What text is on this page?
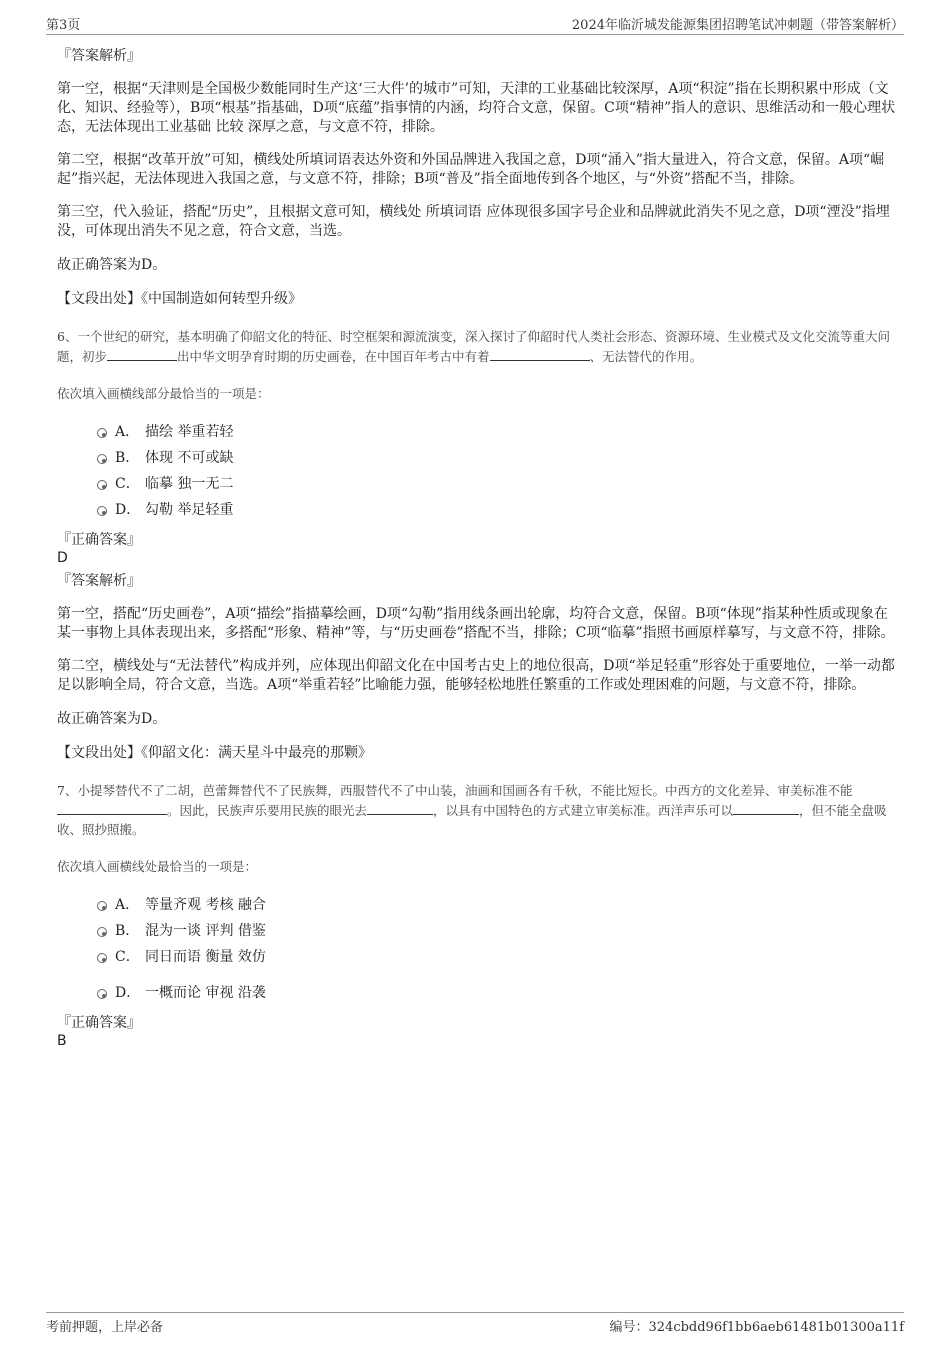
第3页	2024年临沂城发能源集团招聘笔试冲刺题（带答案解析）
『答案解析』
第一空，根据“天津则是全国极少数能同时生产这‘三大件’的城市”可知，天津的工业基础比较深厚，A项“积淀”指在长期积累中形成（文化、知识、经验等），B项“根基”指基础，D项“底蕴”指事情的内涵，均符合文意，保留。C项“精神”指人的意识、思维活动和一般心理状态，无法体现出工业基础 比较 深厚之意，与文意不符，排除。
第二空，根据“改革开放”可知，横线处所填词语表达外资和外国品牌进入我国之意，D项“涌入”指大量进入，符合文意，保留。A项“崛起”指兴起，无法体现进入我国之意，与文意不符，排除；B项“普及”指全面地传到各个地区，与“外资”搭配不当，排除。
第三空，代入验证，搭配“历史”，且根据文意可知，横线处 所填词语 应体现很多国字号企业和品牌就此消失不见之意，D项“湮没”指埋没，可体现出消失不见之意，符合文意，当选。
故正确答案为D。
【文段出处】《中国制造如何转型升级》
6、一个世纪的研究，基本明确了仰韶文化的特征、时空框架和源流演变，深入探讨了仰韶时代人类社会形态、资源环境、生业模式及文化交流等重大问题，初步	出中华文明孕育时期的历史画卷，在中国百年考古中有着	、无法替代的作用。
依次填入画横线部分最恰当的一项是：
A． 描绘 举重若轻
B． 体现 不可或缺
C． 临摹 独一无二
D． 勾勒 举足轻重
『正确答案』
D
『答案解析』
第一空，搭配“历史画卷”，A项“描绘”指描摹绘画，D项“勾勒”指用线条画出轮廓，均符合文意，保留。B项“体现”指某种性质或现象在某一事物上具体表现出来，多搭配“形象、精神”等，与“历史画卷”搭配不当，排除；C项“临摹”指照书画原样摹写，与文意不符，排除。
第二空，横线处与“无法替代”构成并列，应体现出仰韶文化在中国考古史上的地位很高，D项“举足轻重”形容处于重要地位，一举一动都足以影响全局，符合文意，当选。A项“举重若轻”比喻能力强，能够轻松地胜任繁重的工作或处理困难的问题，与文意不符，排除。
故正确答案为D。
【文段出处】《仰韶文化：满天星斗中最亮的那颗》
7、小提琴替代不了二胡，芭蕾舞替代不了民族舞，西服替代不了中山装，油画和国画各有千秋，不能比短长。中西方的文化差异、审美标准不能。因此，民族声乐要用民族的眼光去	，以具有中国特色的方式建立审美标准。西洋声乐可以	，但不能全盘吸收、照抄照搬。
依次填入画横线处最恰当的一项是：
A． 等量齐观 考核 融合
B． 混为一谈 评判 借鉴
C． 同日而语 衡量 效仿
D． 一概而论 审视 沿袭
『正确答案』
B
考前押题，上岸必备	编号：324cbdd96f1bb6aeb61481b01300a11f
